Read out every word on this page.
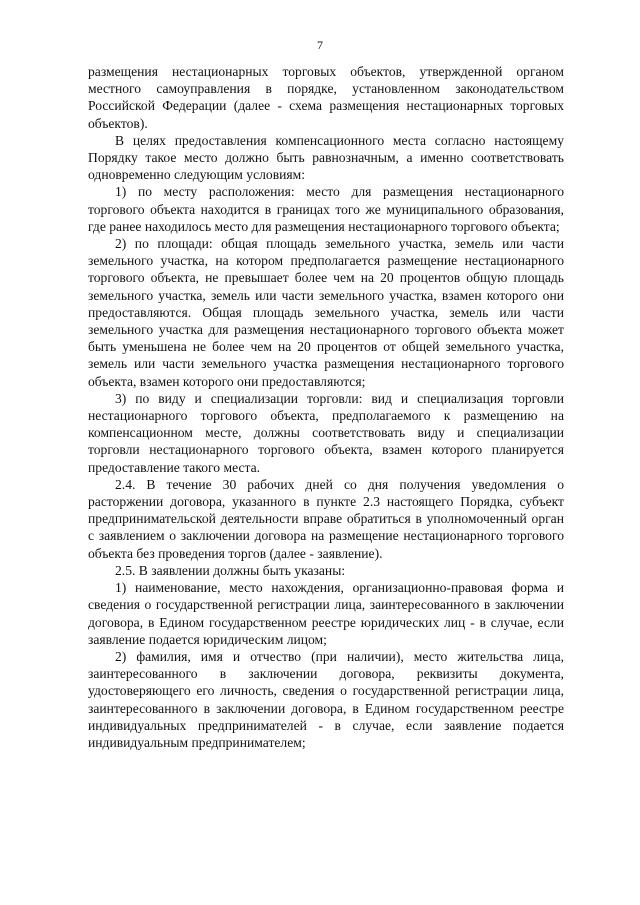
7

размещения нестационарных торговых объектов, утвержденной органом местного самоуправления в порядке, установленном законодательством Российской Федерации (далее - схема размещения нестационарных торговых объектов).

В целях предоставления компенсационного места согласно настоящему Порядку такое место должно быть равнозначным, а именно соответствовать одновременно следующим условиям:

1) по месту расположения: место для размещения нестационарного торгового объекта находится в границах того же муниципального образования, где ранее находилось место для размещения нестационарного торгового объекта;

2) по площади: общая площадь земельного участка, земель или части земельного участка, на котором предполагается размещение нестационарного торгового объекта, не превышает более чем на 20 процентов общую площадь земельного участка, земель или части земельного участка, взамен которого они предоставляются. Общая площадь земельного участка, земель или части земельного участка для размещения нестационарного торгового объекта может быть уменьшена не более чем на 20 процентов от общей земельного участка, земель или части земельного участка размещения нестационарного торгового объекта, взамен которого они предоставляются;

3) по виду и специализации торговли: вид и специализация торговли нестационарного торгового объекта, предполагаемого к размещению на компенсационном месте, должны соответствовать виду и специализации торговли нестационарного торгового объекта, взамен которого планируется предоставление такого места.

2.4. В течение 30 рабочих дней со дня получения уведомления о расторжении договора, указанного в пункте 2.3 настоящего Порядка, субъект предпринимательской деятельности вправе обратиться в уполномоченный орган с заявлением о заключении договора на размещение нестационарного торгового объекта без проведения торгов (далее - заявление).

2.5. В заявлении должны быть указаны:

1) наименование, место нахождения, организационно-правовая форма и сведения о государственной регистрации лица, заинтересованного в заключении договора, в Едином государственном реестре юридических лиц - в случае, если заявление подается юридическим лицом;

2) фамилия, имя и отчество (при наличии), место жительства лица, заинтересованного в заключении договора, реквизиты документа, удостоверяющего его личность, сведения о государственной регистрации лица, заинтересованного в заключении договора, в Едином государственном реестре индивидуальных предпринимателей - в случае, если заявление подается индивидуальным предпринимателем;
